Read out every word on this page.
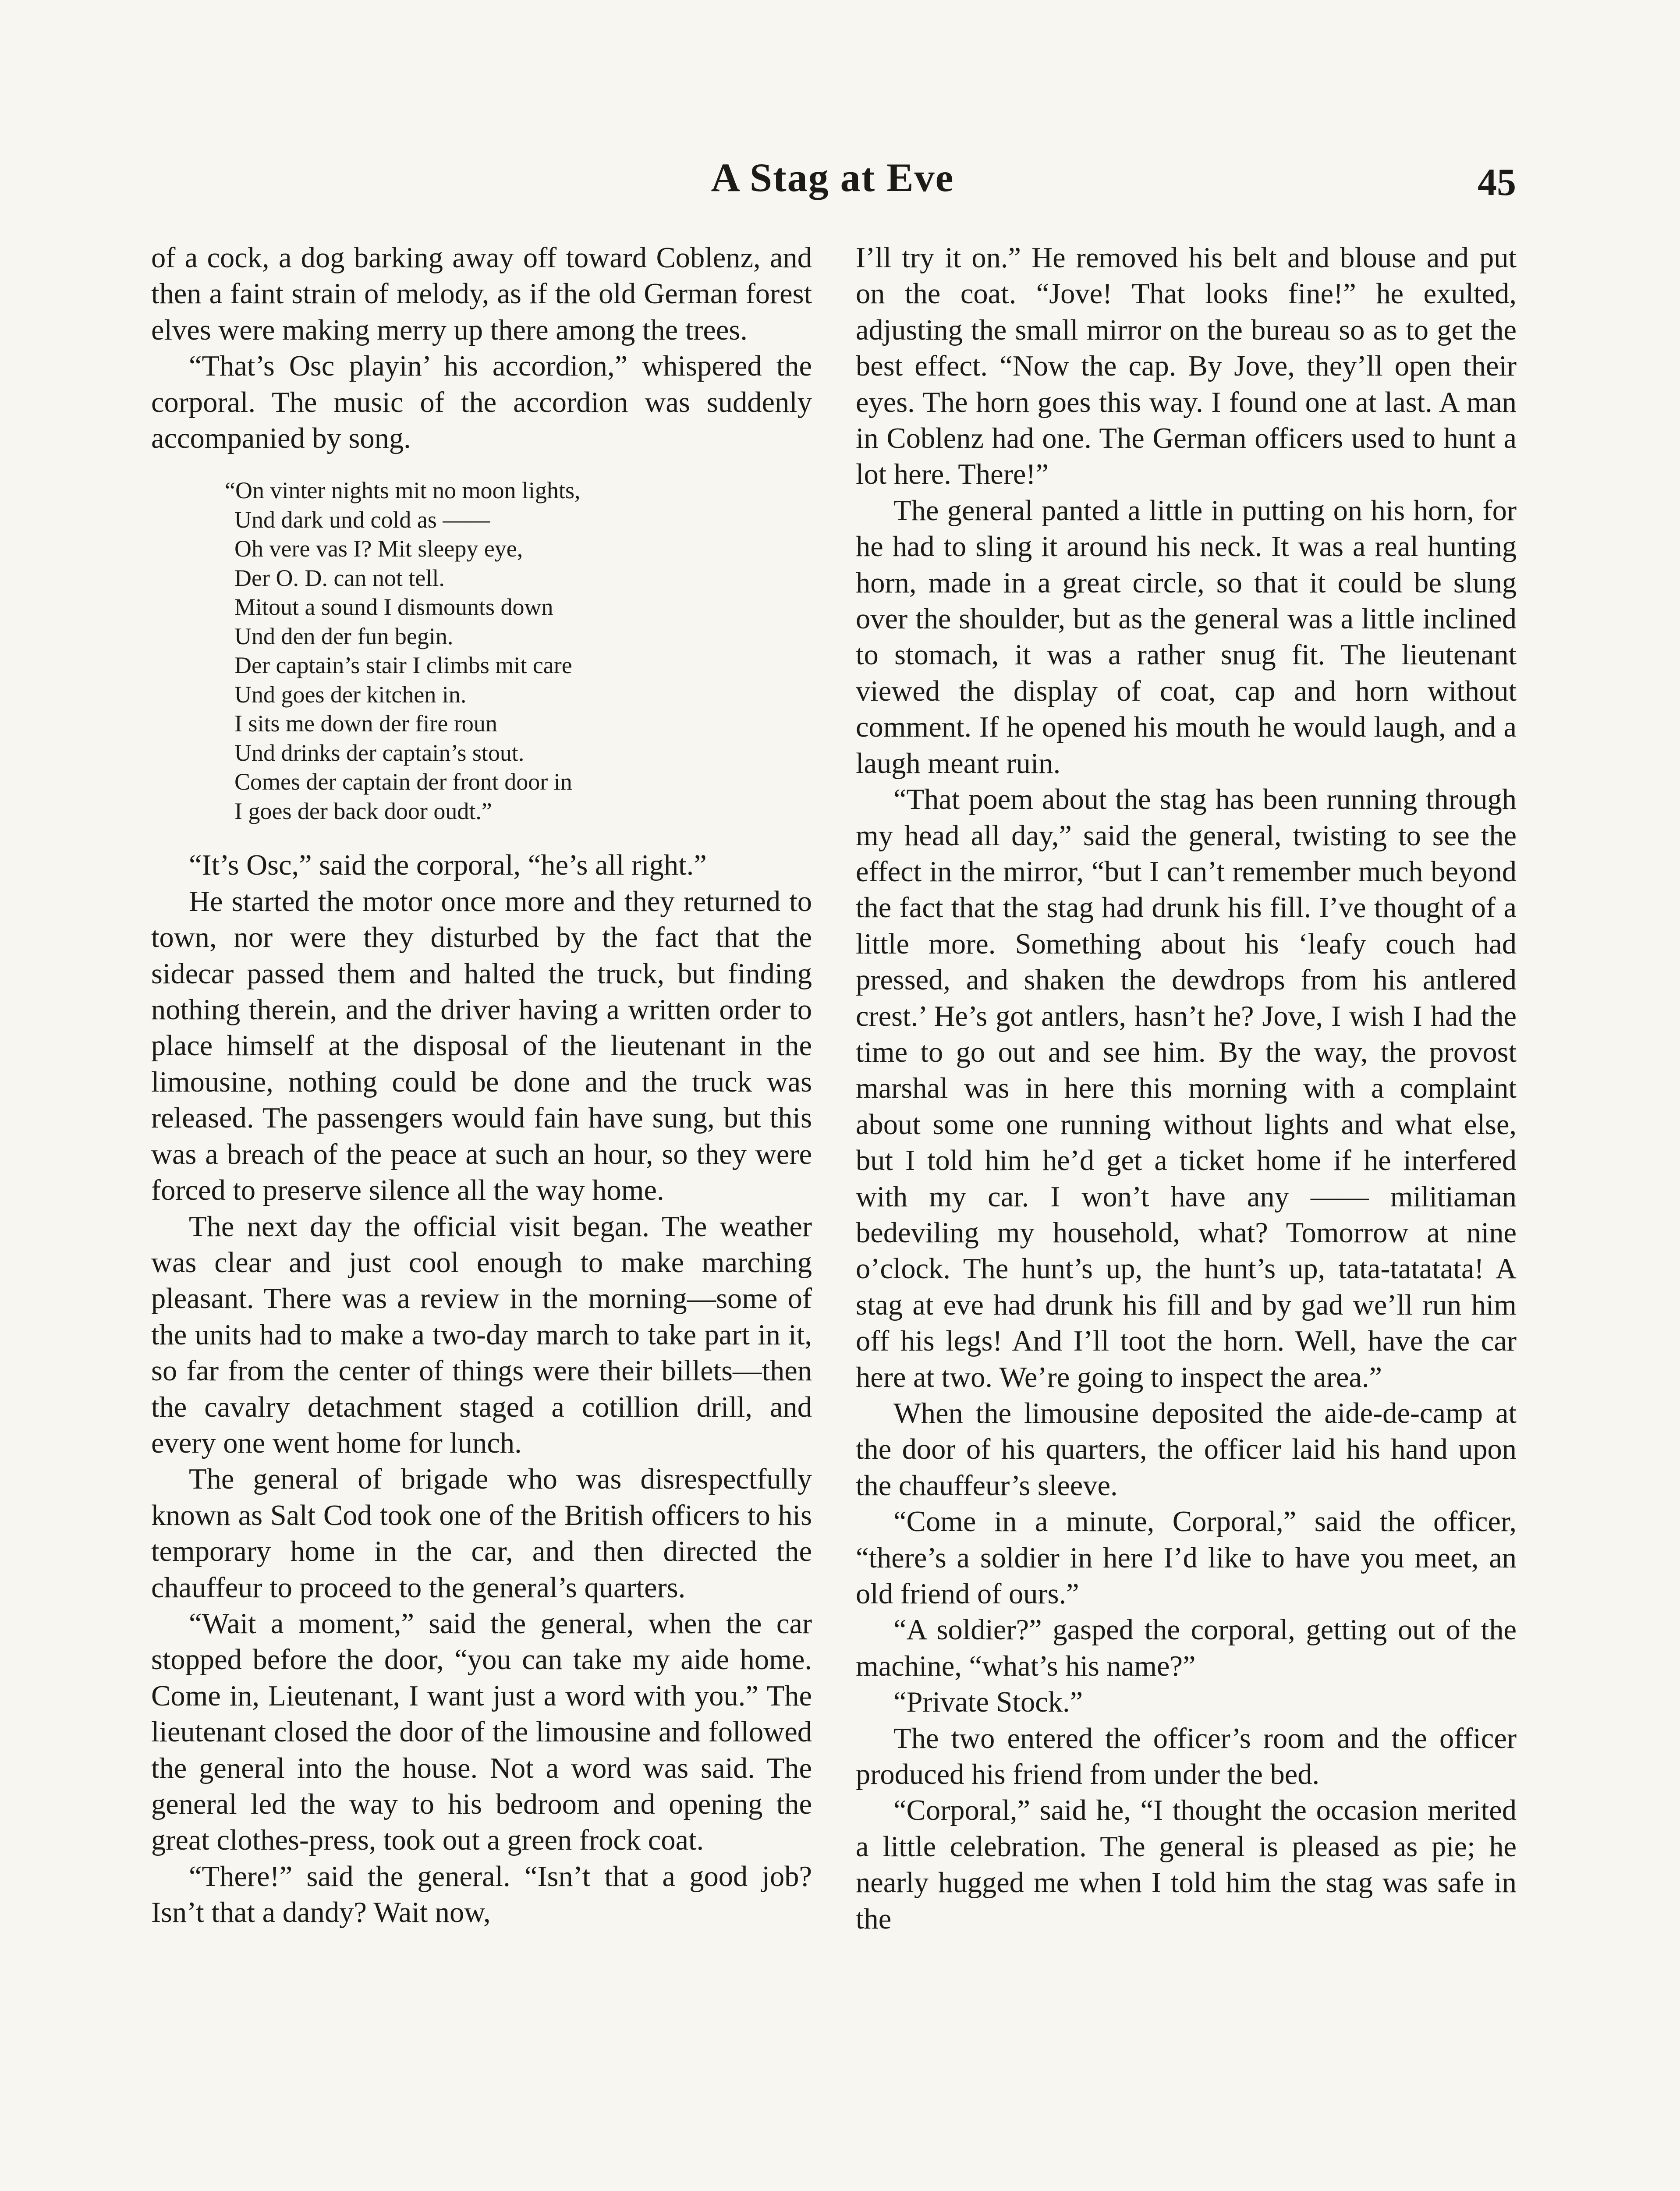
A Stag at Eve	45

of a cock, a dog barking away off toward Coblenz, and then a faint strain of melody, as if the old German forest elves were making merry up there among the trees.

“That’s Osc playin’ his accordion,” whispered the corporal. The music of the accordion was suddenly accompanied by song.

“On vinter nights mit no moon lights,
Und dark und cold as ——
Oh vere vas I? Mit sleepy eye,
Der O. D. can not tell.
Mitout a sound I dismounts down
Und den der fun begin.
Der captain’s stair I climbs mit care
Und goes der kitchen in.
I sits me down der fire roun
Und drinks der captain’s stout.
Comes der captain der front door in
I goes der back door oudt.”

“It’s Osc,” said the corporal, “he’s all right.”

He started the motor once more and they returned to town, nor were they disturbed by the fact that the sidecar passed them and halted the truck, but finding nothing therein, and the driver having a written order to place himself at the disposal of the lieutenant in the limousine, nothing could be done and the truck was released. The passengers would fain have sung, but this was a breach of the peace at such an hour, so they were forced to preserve silence all the way home.

The next day the official visit began. The weather was clear and just cool enough to make marching pleasant. There was a review in the morning—some of the units had to make a two-day march to take part in it, so far from the center of things were their billets—then the cavalry detachment staged a cotillion drill, and every one went home for lunch.

The general of brigade who was disrespectfully known as Salt Cod took one of the British officers to his temporary home in the car, and then directed the chauffeur to proceed to the general’s quarters.

“Wait a moment,” said the general, when the car stopped before the door, “you can take my aide home. Come in, Lieutenant, I want just a word with you.” The lieutenant closed the door of the limousine and followed the general into the house. Not a word was said. The general led the way to his bedroom and opening the great clothes-press, took out a green frock coat.

“There!” said the general. “Isn’t that a good job? Isn’t that a dandy? Wait now,

I’ll try it on.” He removed his belt and blouse and put on the coat. “Jove! That looks fine!” he exulted, adjusting the small mirror on the bureau so as to get the best effect. “Now the cap. By Jove, they’ll open their eyes. The horn goes this way. I found one at last. A man in Coblenz had one. The German officers used to hunt a lot here. There!”

The general panted a little in putting on his horn, for he had to sling it around his neck. It was a real hunting horn, made in a great circle, so that it could be slung over the shoulder, but as the general was a little inclined to stomach, it was a rather snug fit. The lieutenant viewed the display of coat, cap and horn without comment. If he opened his mouth he would laugh, and a laugh meant ruin.

“That poem about the stag has been running through my head all day,” said the general, twisting to see the effect in the mirror, “but I can’t remember much beyond the fact that the stag had drunk his fill. I’ve thought of a little more. Something about his ‘leafy couch had pressed, and shaken the dewdrops from his antlered crest.’ He’s got antlers, hasn’t he? Jove, I wish I had the time to go out and see him. By the way, the provost marshal was in here this morning with a complaint about some one running without lights and what else, but I told him he’d get a ticket home if he interfered with my car. I won’t have any —— militiaman bedeviling my household, what? Tomorrow at nine o’clock. The hunt’s up, the hunt’s up, tata-tatatata! A stag at eve had drunk his fill and by gad we’ll run him off his legs! And I’ll toot the horn. Well, have the car here at two. We’re going to inspect the area.”

When the limousine deposited the aide-de-camp at the door of his quarters, the officer laid his hand upon the chauffeur’s sleeve.

“Come in a minute, Corporal,” said the officer, “there’s a soldier in here I’d like to have you meet, an old friend of ours.”

“A soldier?” gasped the corporal, getting out of the machine, “what’s his name?”

“Private Stock.”

The two entered the officer’s room and the officer produced his friend from under the bed.

“Corporal,” said he, “I thought the occasion merited a little celebration. The general is pleased as pie; he nearly hugged me when I told him the stag was safe in the
